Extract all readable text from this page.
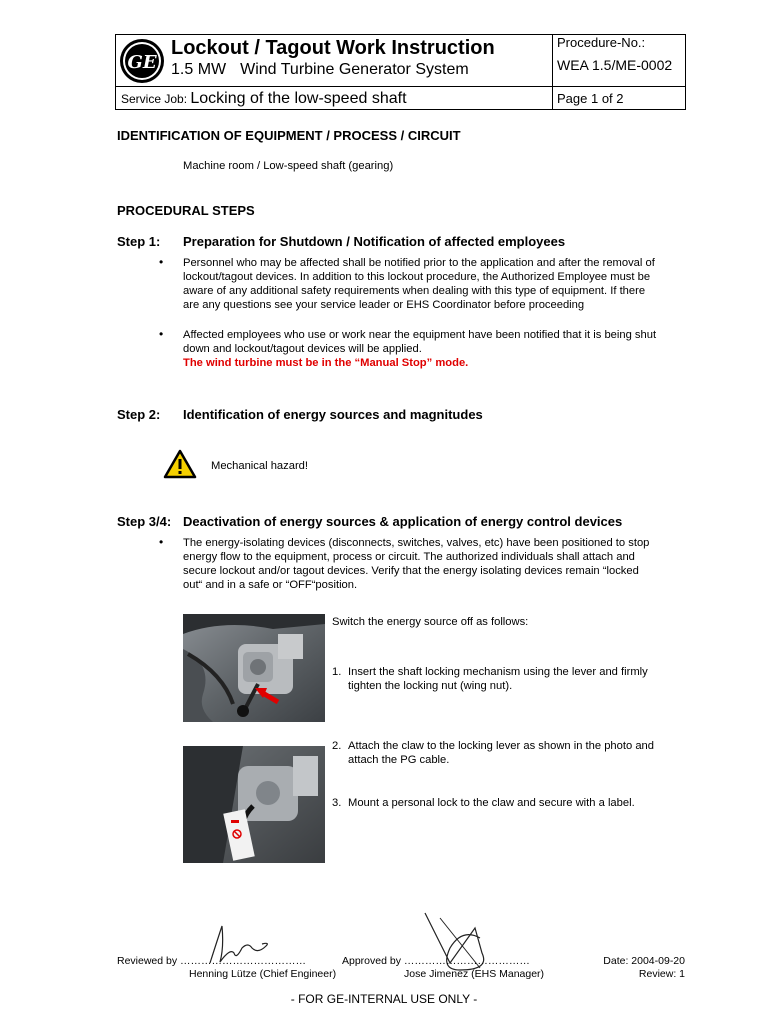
GE
Lockout / Tagout Work Instruction
1.5 MW Wind Turbine Generator System
Procedure-No.:
WEA 1.5/ME-0002
Service Job: Locking of the low-speed shaft	Page 1 of 2
IDENTIFICATION OF EQUIPMENT / PROCESS / CIRCUIT
Machine room / Low-speed shaft (gearing)
PROCEDURAL STEPS
Step 1: Preparation for Shutdown / Notification of affected employees
• Personnel who may be affected shall be notified prior to the application and after the removal of
lockout/tagout devices. In addition to this lockout procedure, the Authorized Employee must be
aware of any additional safety requirements when dealing with this type of equipment. If there
are any questions see your service leader or EHS Coordinator before proceeding
• Affected employees who use or work near the equipment have been notified that it is being shut
down and lockout/tagout devices will be applied.
The wind turbine must be in the “Manual Stop” mode.
Step 2: Identification of energy sources and magnitudes
Mechanical hazard!
Step 3/4: Deactivation of energy sources & application of energy control devices
• The energy-isolating devices (disconnects, switches, valves, etc) have been positioned to stop
energy flow to the equipment, process or circuit. The authorized individuals shall attach and
secure lockout and/or tagout devices. Verify that the energy isolating devices remain “locked
out“ and in a safe or “OFF“position.
Switch the energy source off as follows:
1. Insert the shaft locking mechanism using the lever and firmly
tighten the locking nut (wing nut).
2. Attach the claw to the locking lever as shown in the photo and
attach the PG cable.
3. Mount a personal lock to the claw and secure with a label.
Reviewed by ………………………………
Henning Lütze (Chief Engineer)
Approved by ………………………………
Jose Jimenez (EHS Manager)
Date: 2004-09-20
Review: 1
- FOR GE-INTERNAL USE ONLY -
